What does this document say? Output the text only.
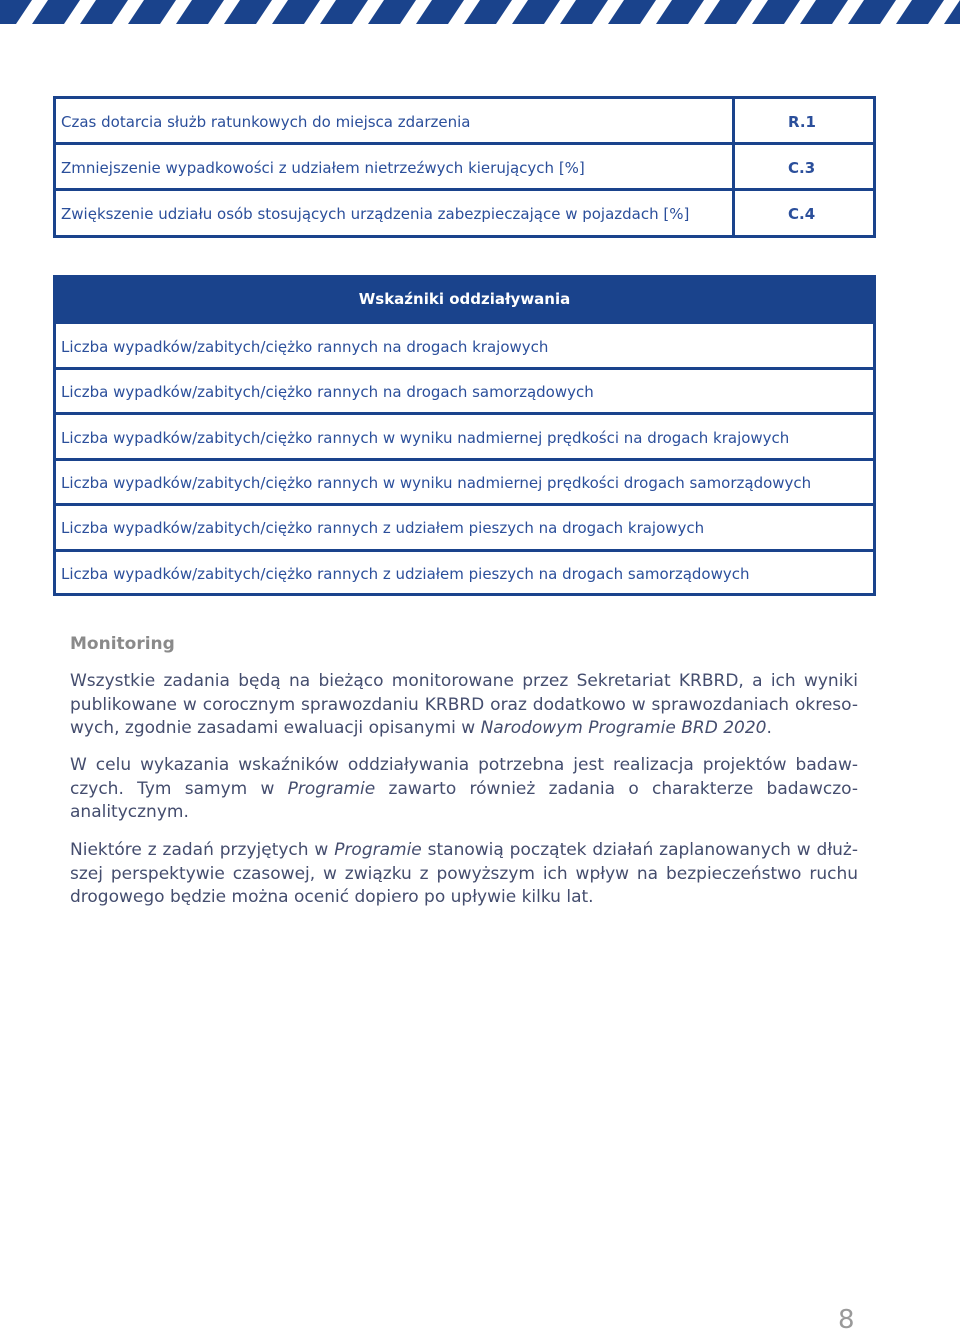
Czas dotarcia służb ratunkowych do miejsca zdarzenia	R.1
Zmniejszenie wypadkowości z udziałem nietrzeźwych kierujących [%]	C.3
Zwiększenie udziału osób stosujących urządzenia zabezpieczające w pojazdach [%]	C.4
Wskaźniki oddziaływania
Liczba wypadków/zabitych/ciężko rannych na drogach krajowych
Liczba wypadków/zabitych/ciężko rannych na drogach samorządowych
Liczba wypadków/zabitych/ciężko rannych w wyniku nadmiernej prędkości na drogach krajowych
Liczba wypadków/zabitych/ciężko rannych w wyniku nadmiernej prędkości drogach samorządowych
Liczba wypadków/zabitych/ciężko rannych z udziałem pieszych na drogach krajowych
Liczba wypadków/zabitych/ciężko rannych z udziałem pieszych na drogach samorządowych
Monitoring
Wszystkie zadania będą na bieżąco monitorowane przez Sekretariat KRBRD, a ich wyniki
publikowane w corocznym sprawozdaniu KRBRD oraz dodatkowo w sprawozdaniach okreso-
wych, zgodnie zasadami ewaluacji opisanymi w Narodowym Programie BRD 2020.
W celu wykazania wskaźników oddziaływania potrzebna jest realizacja projektów badaw-
czych. Tym samym w Programie zawarto również zadania o charakterze badawczo-
analitycznym.
Niektóre z zadań przyjętych w Programie stanowią początek działań zaplanowanych w dłuż-
szej perspektywie czasowej, w związku z powyższym ich wpływ na bezpieczeństwo ruchu
drogowego będzie można ocenić dopiero po upływie kilku lat.
8
